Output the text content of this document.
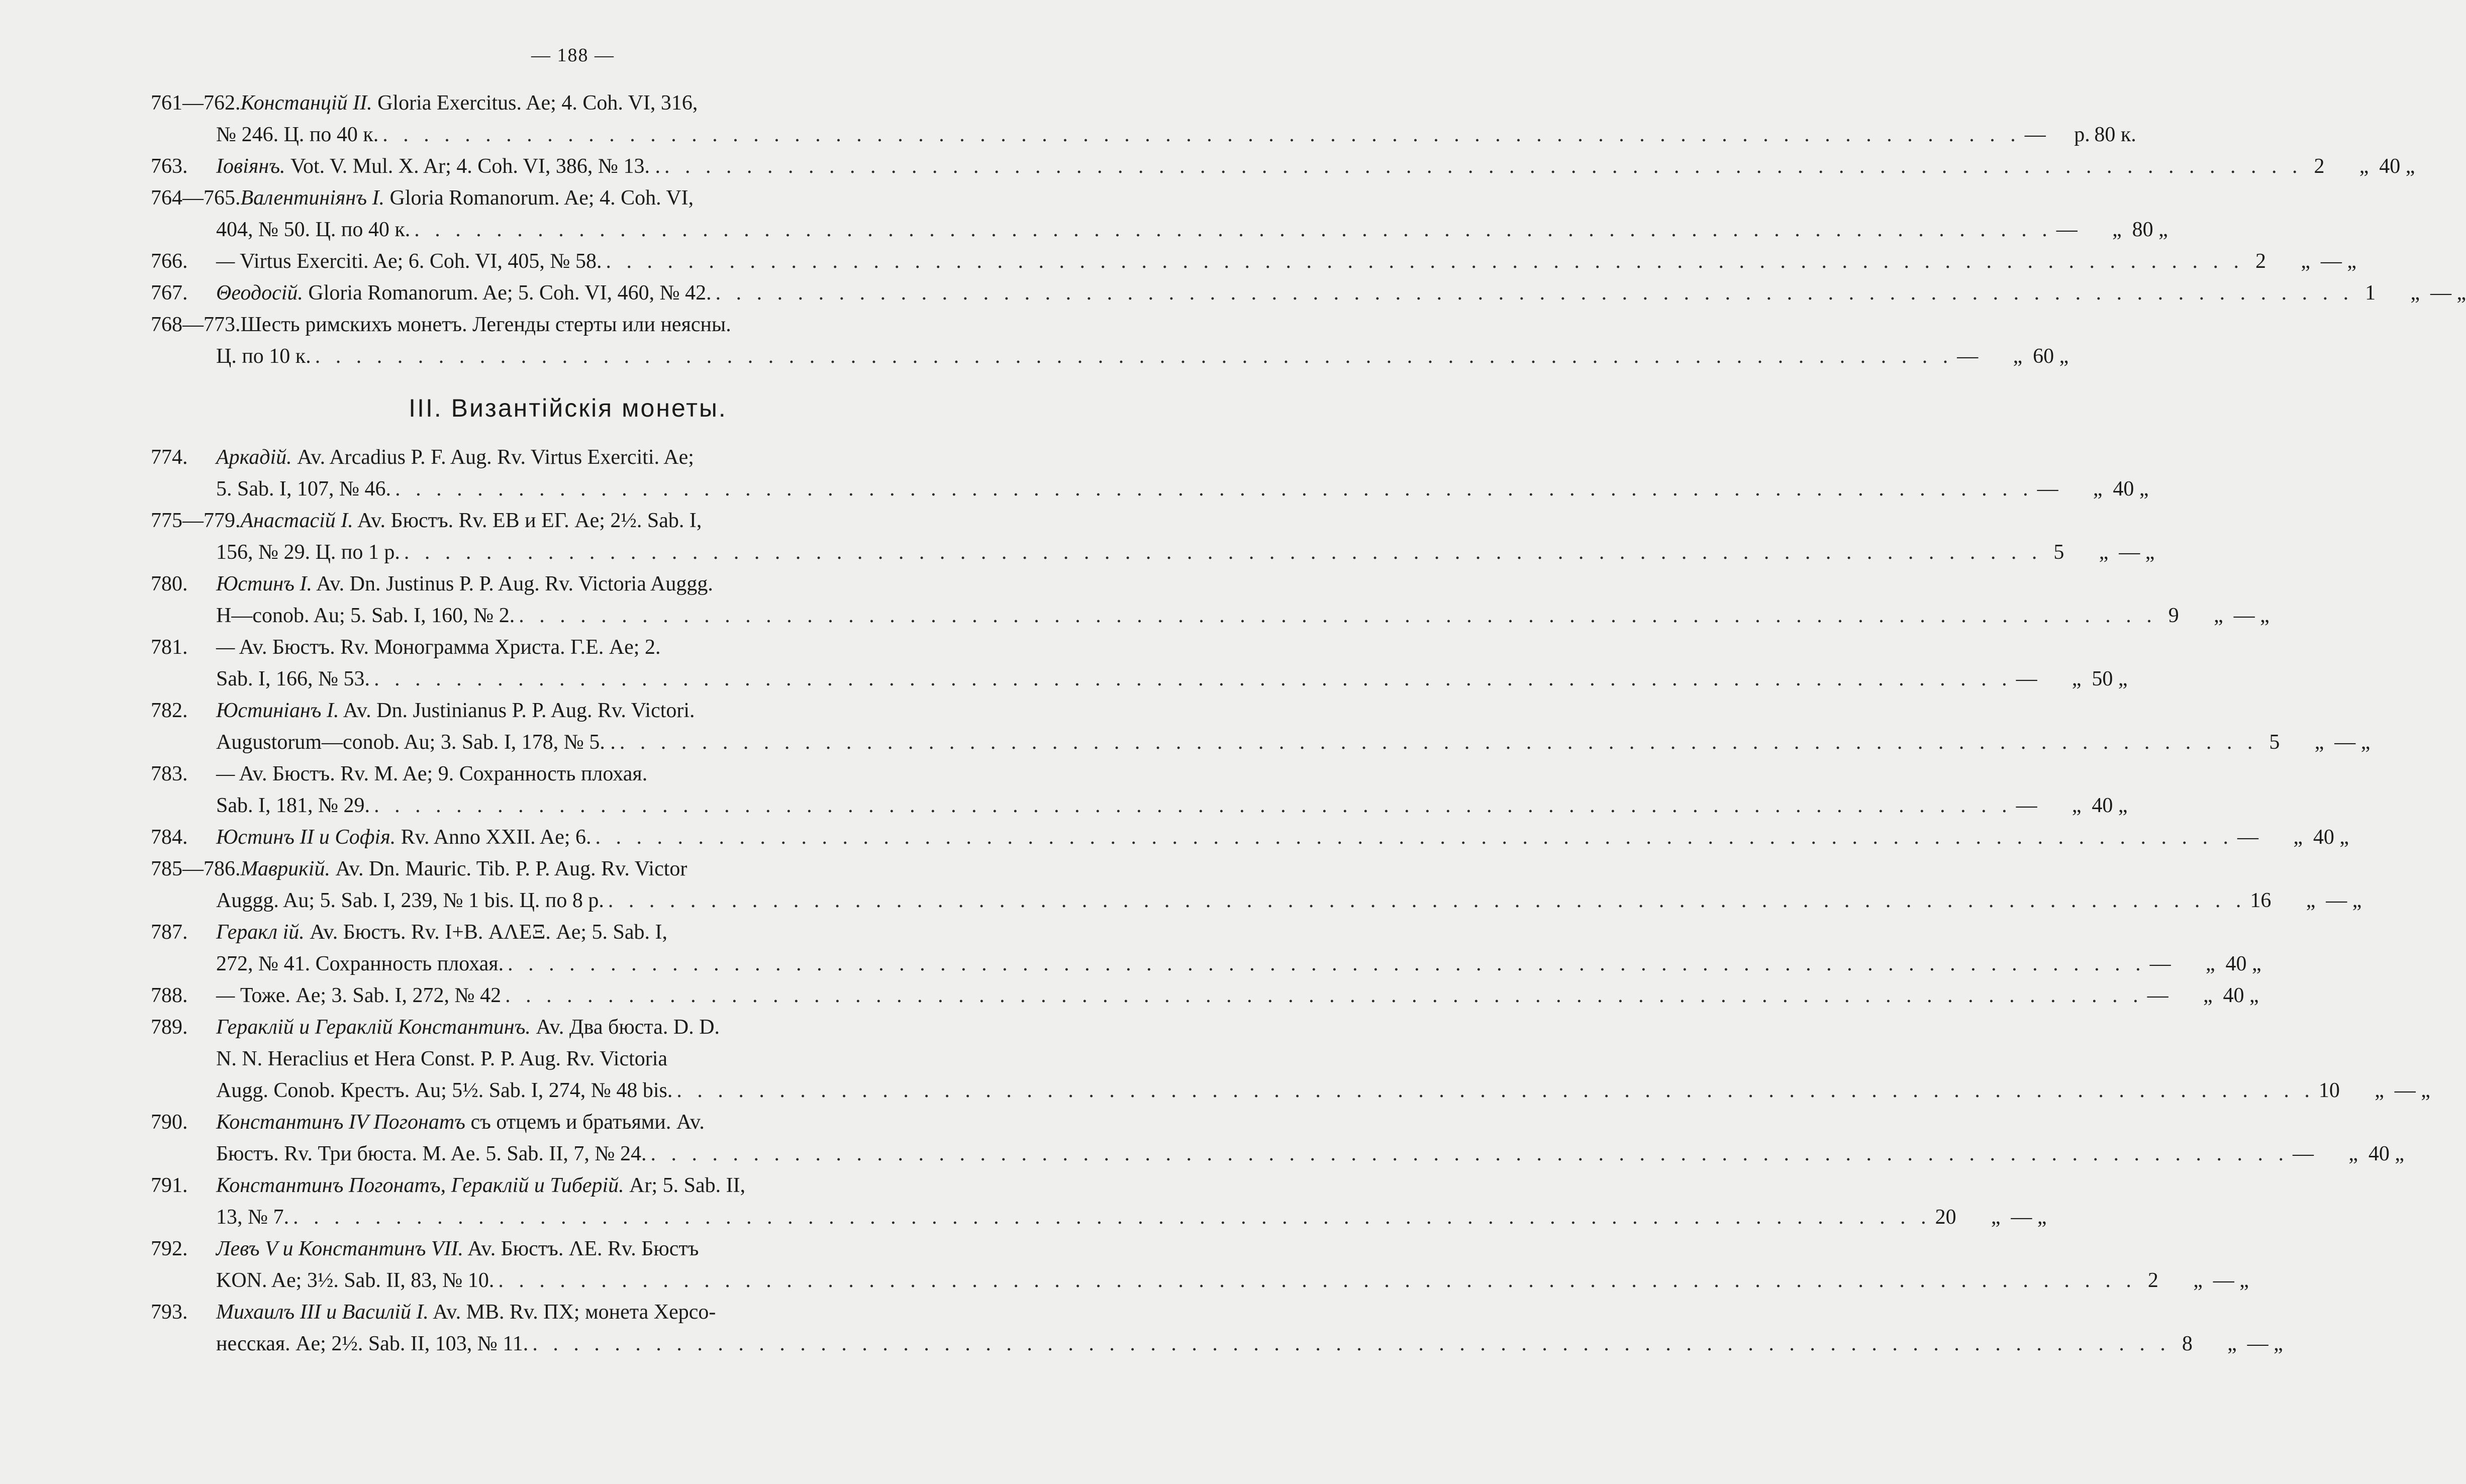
— 188 —
761—762. Констанцій II. Gloria Exercitus. Ae; 4. Coh. VI, 316,
№ 246. Ц. по 40 к. . . . . . . . . . . . . . . . . . . . . . . . . . . . . . . . . . . . . . . . . . . . . . . . . . . . . . . . . . . . . . . . . . . . . . . . . . . . . . . . . —	р. 80 к.
763.	Іовіянъ. Vot. V. Mul. X. Ar; 4. Coh. VI, 386, № 13. . . . . . . . . . . . . . . . . . . . . . . . . . . . . . . . . . . . . . . . . . . . . . . . . . . . . . . . . . . . . . . . . . . . . . . . . . . . . . . . . . 2	„ 40 „
764—765. Валентиніянъ I. Gloria Romanorum. Ae; 4. Coh. VI,
404, № 50. Ц. по 40 к. . . . . . . . . . . . . . . . . . . . . . . . . . . . . . . . . . . . . . . . . . . . . . . . . . . . . . . . . . . . . . . . . . . . . . . . . . . . . . . . . —	„ 80 „
766.	— Virtus Exerciti. Ae; 6. Coh. VI, 405, № 58. . . . . . . . . . . . . . . . . . . . . . . . . . . . . . . . . . . . . . . . . . . . . . . . . . . . . . . . . . . . . . . . . . . . . . . . . . . . . . . . . 2	„ — „
767.	Θеодосій. Gloria Romanorum. Ae; 5. Coh. VI, 460, № 42. . . . . . . . . . . . . . . . . . . . . . . . . . . . . . . . . . . . . . . . . . . . . . . . . . . . . . . . . . . . . . . . . . . . . . . . . . . . . . . . . 1	„ — „
768—773. Шесть римскихъ монетъ. Легенды стерты или неясны.
Ц. по 10 к. . . . . . . . . . . . . . . . . . . . . . . . . . . . . . . . . . . . . . . . . . . . . . . . . . . . . . . . . . . . . . . . . . . . . . . . . . . . . . . . . —	„ 60 „
III. Византійскія монеты.
774.	Аркадій. Av. Arcadius P. F. Aug. Rv. Virtus Exerciti. Ae;
5. Sab. I, 107, № 46. . . . . . . . . . . . . . . . . . . . . . . . . . . . . . . . . . . . . . . . . . . . . . . . . . . . . . . . . . . . . . . . . . . . . . . . . . . . . . . . . —	„ 40 „
775—779. Анастасій I. Av. Бюстъ. Rv. EB и ЕГ. Ae; 2½. Sab. I,
156, № 29. Ц. по 1 р. . . . . . . . . . . . . . . . . . . . . . . . . . . . . . . . . . . . . . . . . . . . . . . . . . . . . . . . . . . . . . . . . . . . . . . . . . . . . . . . . 5	„ — „
780.	Юстинъ I. Av. Dn. Justinus P. P. Aug. Rv. Victoria Auggg.
H—conob. Au; 5. Sab. I, 160, № 2. . . . . . . . . . . . . . . . . . . . . . . . . . . . . . . . . . . . . . . . . . . . . . . . . . . . . . . . . . . . . . . . . . . . . . . . . . . . . . . . . 9	„ — „
781.	— Av. Бюстъ. Rv. Монограмма Христа. Г.Е. Ae; 2.
Sab. I, 166, № 53. . . . . . . . . . . . . . . . . . . . . . . . . . . . . . . . . . . . . . . . . . . . . . . . . . . . . . . . . . . . . . . . . . . . . . . . . . . . . . . . . —	„ 50 „
782.	Юстиніанъ I. Av. Dn. Justinianus P. P. Aug. Rv. Victori.
Augustorum—conob. Au; 3. Sab. I, 178, № 5. . . . . . . . . . . . . . . . . . . . . . . . . . . . . . . . . . . . . . . . . . . . . . . . . . . . . . . . . . . . . . . . . . . . . . . . . . . . . . . . . . 5	„ — „
783.	— Av. Бюстъ. Rv. M. Ae; 9. Сохранность плохая.
Sab. I, 181, № 29. . . . . . . . . . . . . . . . . . . . . . . . . . . . . . . . . . . . . . . . . . . . . . . . . . . . . . . . . . . . . . . . . . . . . . . . . . . . . . . . . —	„ 40 „
784.	Юстинъ II и Софія. Rv. Anno XXII. Ae; 6. . . . . . . . . . . . . . . . . . . . . . . . . . . . . . . . . . . . . . . . . . . . . . . . . . . . . . . . . . . . . . . . . . . . . . . . . . . . . . . . . —	„ 40 „
785—786. Маврикій. Av. Dn. Mauric. Tib. P. P. Aug. Rv. Victor
Auggg. Au; 5. Sab. I, 239, № 1 bis. Ц. по 8 р. . . . . . . . . . . . . . . . . . . . . . . . . . . . . . . . . . . . . . . . . . . . . . . . . . . . . . . . . . . . . . . . . . . . . . . . . . . . . . . . . 16	„ — „
787.	Геракл ій. Av. Бюстъ. Rv. I+B. ΑΛΕΞ. Ae; 5. Sab. I,
272, № 41. Сохранность плохая. . . . . . . . . . . . . . . . . . . . . . . . . . . . . . . . . . . . . . . . . . . . . . . . . . . . . . . . . . . . . . . . . . . . . . . . . . . . . . . . . —	„ 40 „
788.	— Тоже. Ae; 3. Sab. I, 272, № 42 . . . . . . . . . . . . . . . . . . . . . . . . . . . . . . . . . . . . . . . . . . . . . . . . . . . . . . . . . . . . . . . . . . . . . . . . . . . . . . . . —	„ 40 „
789.	Гераклій и Гераклій Константинъ. Av. Два бюста. D. D.
N. N. Heraclius et Hera Const. P. P. Aug. Rv. Victoria
Augg. Conob. Крестъ. Au; 5½. Sab. I, 274, № 48 bis. . . . . . . . . . . . . . . . . . . . . . . . . . . . . . . . . . . . . . . . . . . . . . . . . . . . . . . . . . . . . . . . . . . . . . . . . . . . . . . . . 10	„ — „
790.	Константинъ IV Погонатъ съ отцемъ и братьями. Av.
Бюстъ. Rv. Три бюста. M. Ae. 5. Sab. II, 7, № 24. . . . . . . . . . . . . . . . . . . . . . . . . . . . . . . . . . . . . . . . . . . . . . . . . . . . . . . . . . . . . . . . . . . . . . . . . . . . . . . . . —	„ 40 „
791.	Константинъ Погонатъ, Гераклій и Тиберій. Ar; 5. Sab. II,
13, № 7. . . . . . . . . . . . . . . . . . . . . . . . . . . . . . . . . . . . . . . . . . . . . . . . . . . . . . . . . . . . . . . . . . . . . . . . . . . . . . . . . 20	„ — „
792.	Левъ V и Константинъ VII. Av. Бюстъ. ΛΕ. Rv. Бюстъ
KON. Ae; 3½. Sab. II, 83, № 10. . . . . . . . . . . . . . . . . . . . . . . . . . . . . . . . . . . . . . . . . . . . . . . . . . . . . . . . . . . . . . . . . . . . . . . . . . . . . . . . . 2	„ — „
793.	Михаилъ III и Василій I. Av. MB. Rv. ΠΧ; монета Херсо-
несская. Ae; 2½. Sab. II, 103, № 11. . . . . . . . . . . . . . . . . . . . . . . . . . . . . . . . . . . . . . . . . . . . . . . . . . . . . . . . . . . . . . . . . . . . . . . . . . . . . . . . . 8	„ — „
